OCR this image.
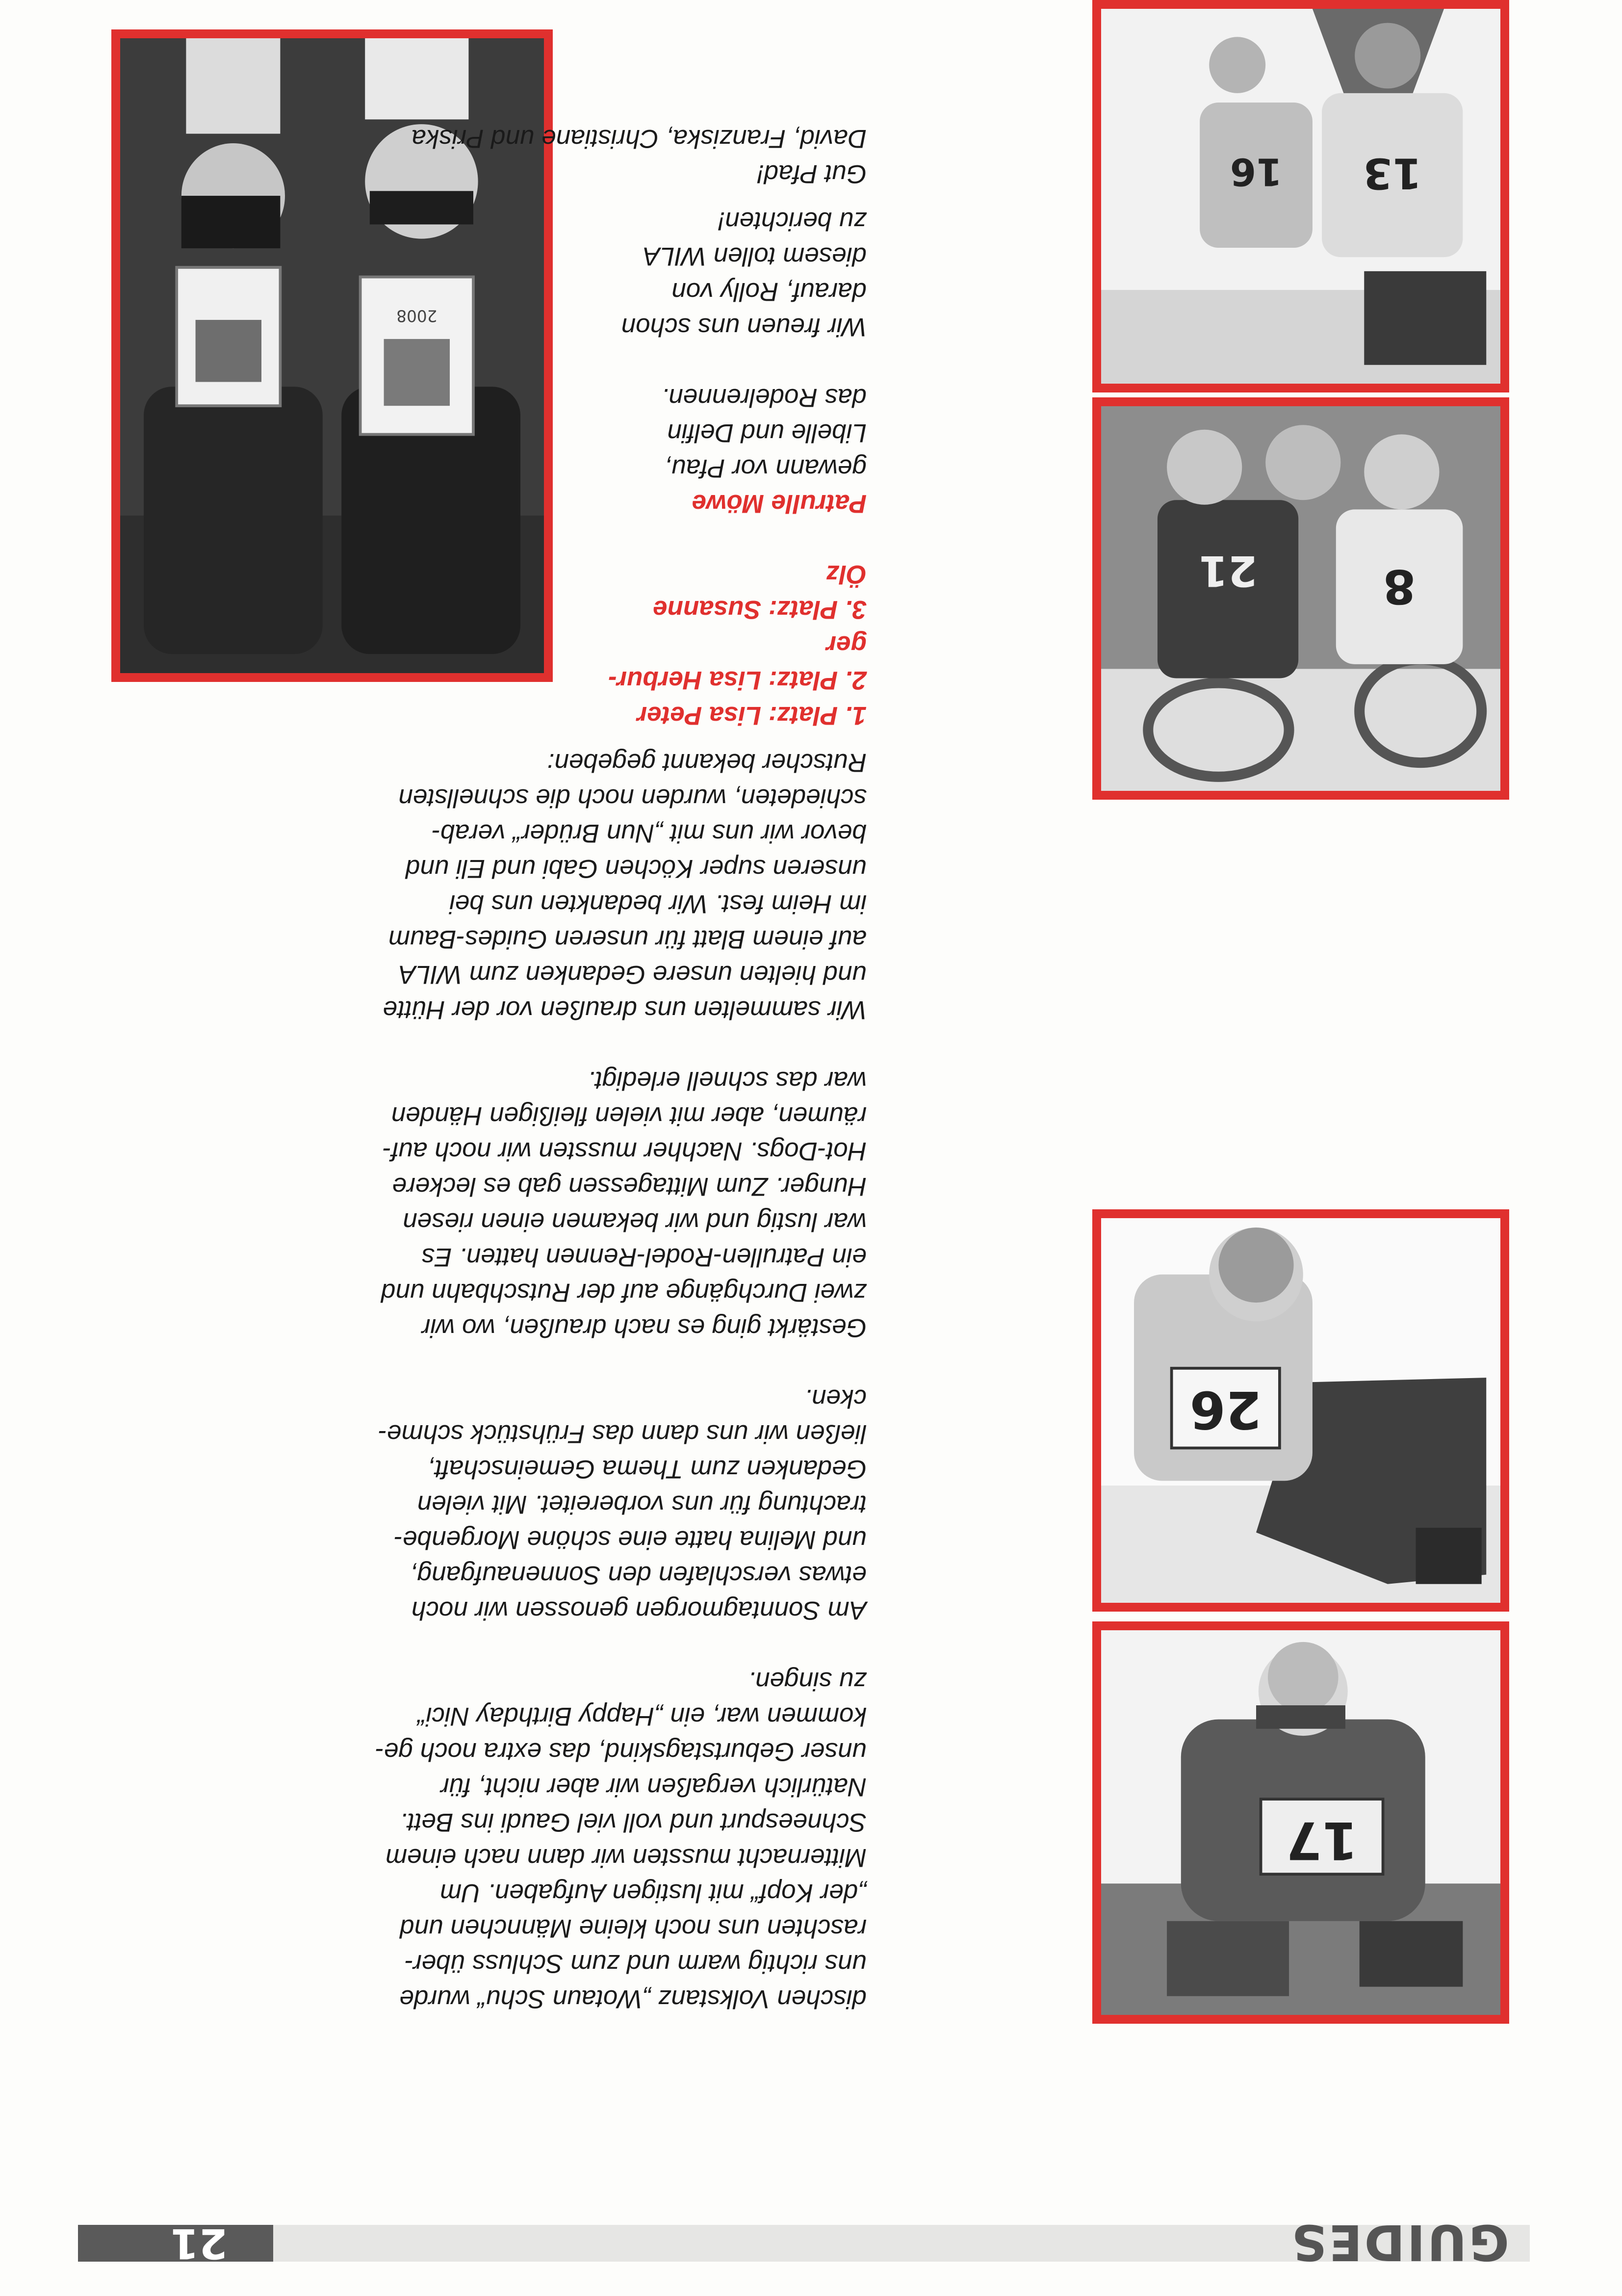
GUIDES
21
17
26
8
21
13
16
2008

dischen Volkstanz „Wotaun Schu“ wurde
uns richtig warm und zum Schluss über-
raschten uns noch kleine Männchen und
„der Kopf“ mit lustigen Aufgaben. Um
Mitternacht mussten wir dann nach einem
Schneespurt und voll viel Gaudi ins Bett.
Natürlich vergaßen wir aber nicht, für
unser Geburtstagskind, das extra noch ge-
kommen war, ein „Happy Birthday Nici“
zu singen.

Am Sonntagmorgen genossen wir noch
etwas verschlafen den Sonnenaufgang,
und Melina hatte eine schöne Morgenbe-
trachtung für uns vorbereitet. Mit vielen
Gedanken zum Thema Gemeinschaft,
ließen wir uns dann das Frühstück schme-
cken.

Gestärkt ging es nach draußen, wo wir
zwei Durchgänge auf der Rutschbahn und
ein Patrullen-Rodel-Rennen hatten. Es
war lustig und wir bekamen einen riesen
Hunger. Zum Mittagessen gab es leckere
Hot-Dogs. Nachher mussten wir noch auf-
räumen, aber mit vielen fleißigen Händen
war das schnell erledigt.

Wir sammelten uns draußen vor der Hütte
und hielten unsere Gedanken zum WILA
auf einem Blatt für unseren Guides-Baum
im Heim fest. Wir bedankten uns bei
unseren super Köchen Gabi und Eli und
bevor wir uns mit „Nun Brüder“ verab-
schiedeten, wurden noch die schnellsten
Rutscher bekannt gegeben:

1. Platz: Lisa Peter

2. Platz: Lisa Herbur-
ger

3. Platz: Susanne
Ölz

Patrulle Möwe

gewann vor Pfau,
Libelle und Delfin
das Rodelrennen.

Wir freuen uns schon
darauf, Rolly von
diesem tollen WILA
zu berichten!

Gut Pfad!

David, Franziska, Christiane und Priska
